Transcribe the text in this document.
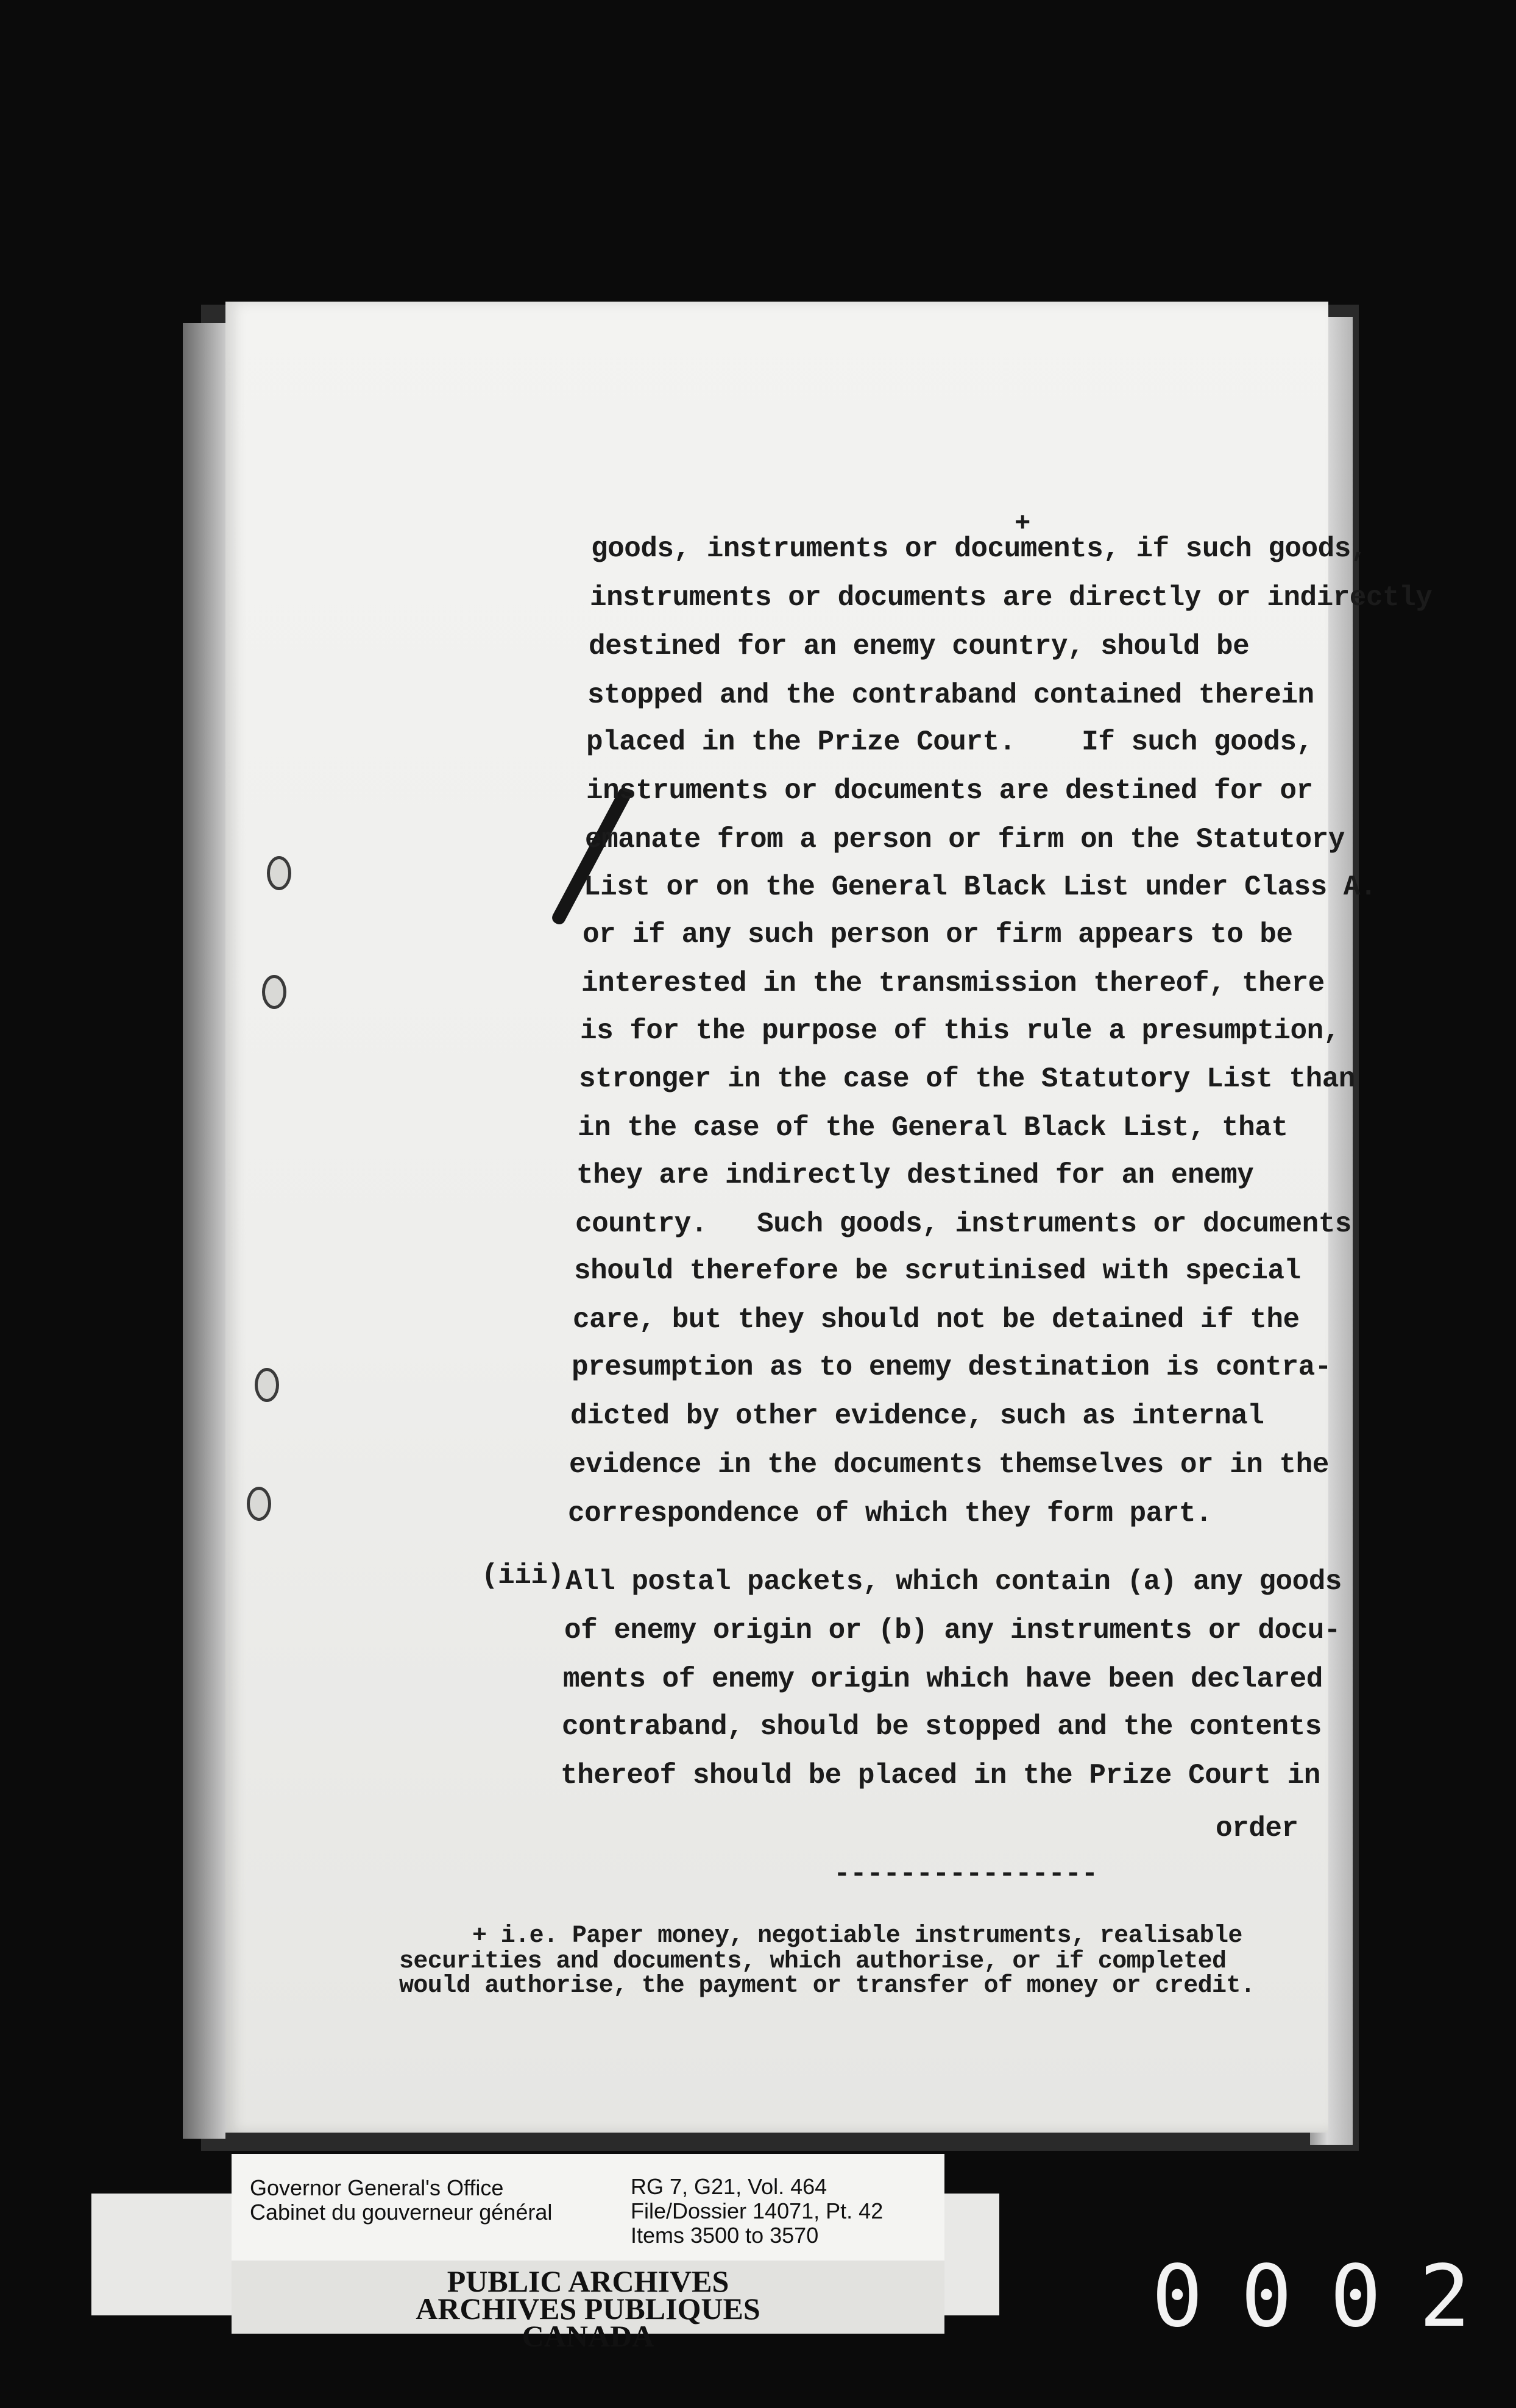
+

goods, instruments or documents, if such goods,

instruments or documents are directly or indirectly

destined for an enemy country, should be

stopped and the contraband contained therein

placed in the Prize Court.    If such goods,

instruments or documents are destined for or

emanate from a person or firm on the Statutory

List or on the General Black List under Class A.

or if any such person or firm appears to be

interested in the transmission thereof, there

is for the purpose of this rule a presumption,

stronger in the case of the Statutory List than

in the case of the General Black List, that

they are indirectly destined for an enemy

country.   Such goods, instruments or documents

should therefore be scrutinised with special

care, but they should not be detained if the

presumption as to enemy destination is contra-

dicted by other evidence, such as internal

evidence in the documents themselves or in the

correspondence of which they form part.

(iii) All postal packets, which contain (a) any goods

of enemy origin or (b) any instruments or docu-

ments of enemy origin which have been declared

contraband, should be stopped and the contents

thereof should be placed in the Prize Court in

order

----------------

+ i.e. Paper money, negotiable instruments, realisable

securities and documents, which authorise, or if completed

would authorise, the payment or transfer of money or credit.

Governor General's Office
Cabinet du gouverneur général
RG 7, G21, Vol. 464
File/Dossier 14071, Pt. 42
Items 3500 to 3570
PUBLIC ARCHIVES
ARCHIVES PUBLIQUES
CANADA	0002
